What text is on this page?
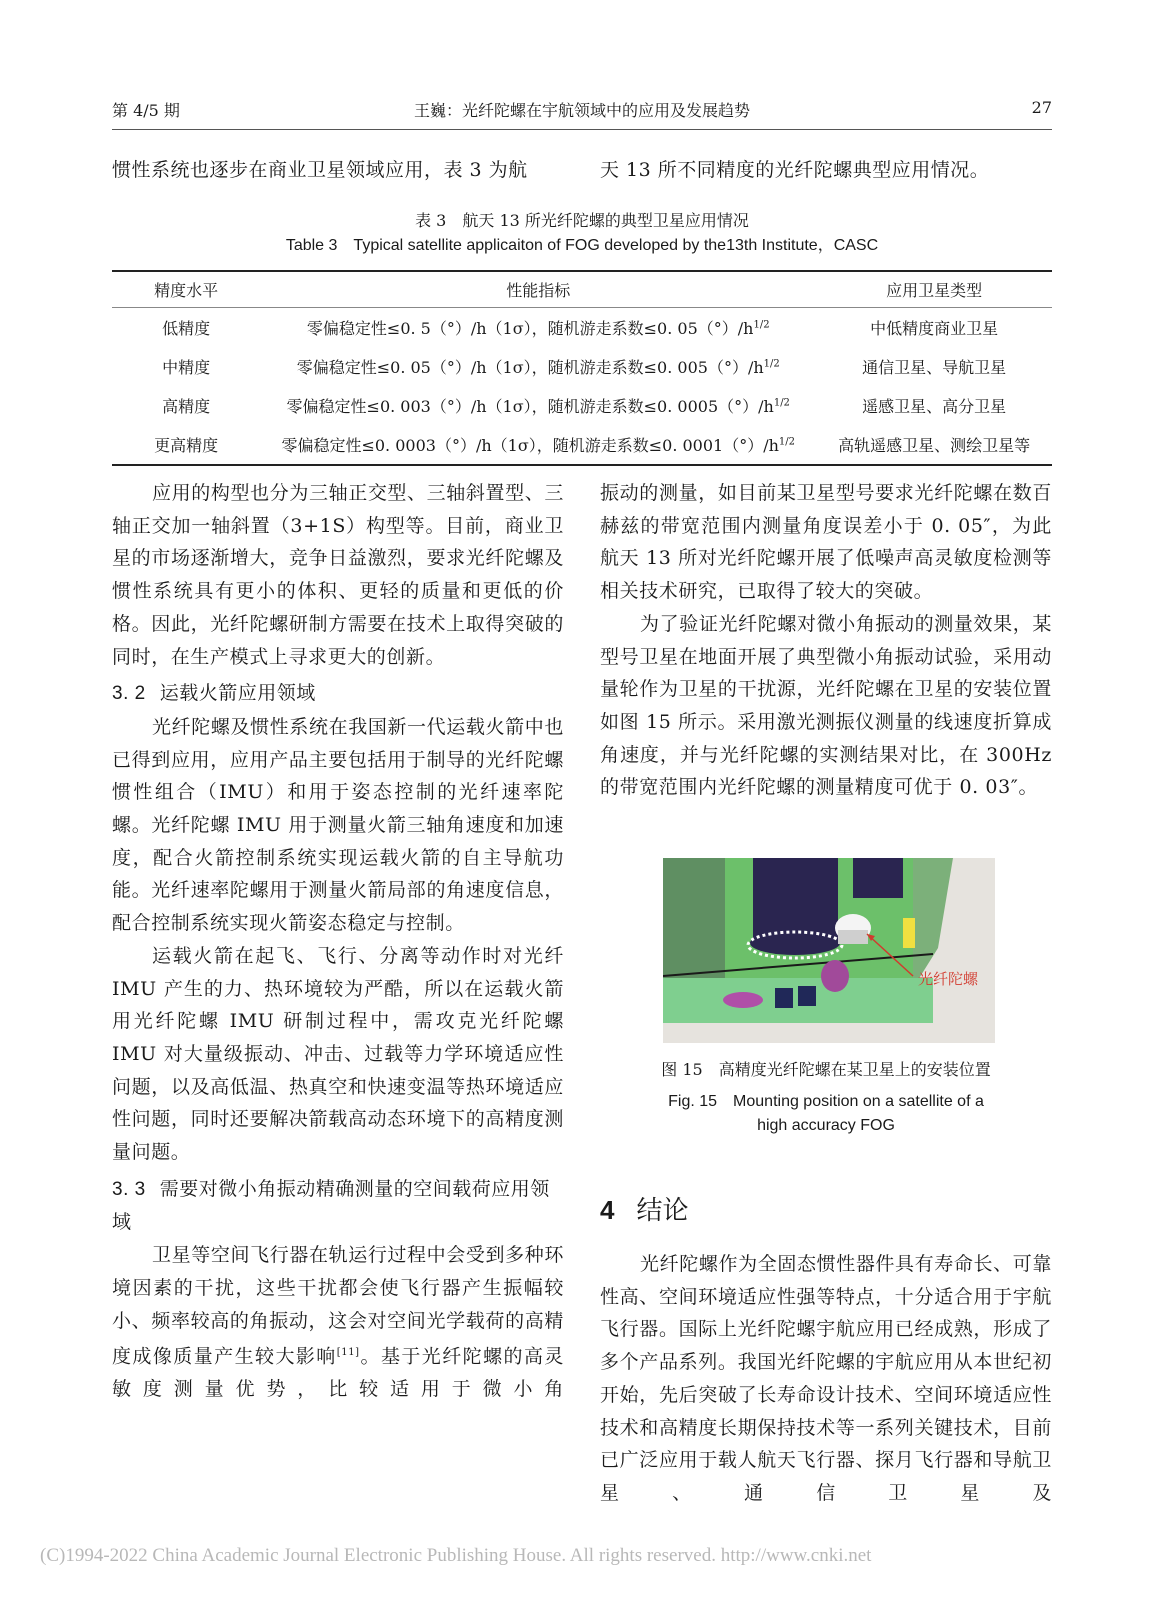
第 4/5 期	王巍：光纤陀螺在宇航领域中的应用及发展趋势	27
惯性系统也逐步在商业卫星领域应用，表 3 为航	天 13 所不同精度的光纤陀螺典型应用情况。
表 3　航天 13 所光纤陀螺的典型卫星应用情况
Table 3　Typical satellite applicaiton of FOG developed by the13th Institute，CASC
精度水平	性能指标	应用卫星类型
低精度	零偏稳定性≤0. 5（°）/h（1σ），随机游走系数≤0. $05(^\circ)/h^{1/2}$	中低精度商业卫星
中精度	零偏稳定性≤0. 05（°）/h（1σ），随机游走系数≤0. $005(^\circ)/h^{1/2}$	通信卫星、导航卫星
高精度	零偏稳定性≤0. 003（°）/h（1σ），随机游走系数≤0. $0005(^\circ)/h^{1/2}$	遥感卫星、高分卫星
更高精度	零偏稳定性≤0. 0003（°）/h（1σ），随机游走系数≤0. $0001(^\circ)/h^{1/2}$	高轨遥感卫星、测绘卫星等

应用的构型也分为三轴正交型、三轴斜置型、三轴正交加一轴斜置（3+1S）构型等。目前，商业卫星的市场逐渐增大，竞争日益激烈，要求光纤陀螺及惯性系统具有更小的体积、更轻的质量和更低的价格。因此，光纤陀螺研制方需要在技术上取得突破的同时，在生产模式上寻求更大的创新。

3. 2 运载火箭应用领域

光纤陀螺及惯性系统在我国新一代运载火箭中也已得到应用，应用产品主要包括用于制导的光纤陀螺惯性组合（IMU）和用于姿态控制的光纤速率陀螺。光纤陀螺 IMU 用于测量火箭三轴角速度和加速度，配合火箭控制系统实现运载火箭的自主导航功能。光纤速率陀螺用于测量火箭局部的角速度信息，配合控制系统实现火箭姿态稳定与控制。

运载火箭在起飞、飞行、分离等动作时对光纤 IMU 产生的力、热环境较为严酷，所以在运载火箭用光纤陀螺 IMU 研制过程中，需攻克光纤陀螺 IMU 对大量级振动、冲击、过载等力学环境适应性问题，以及高低温、热真空和快速变温等热环境适应性问题，同时还要解决箭载高动态环境下的高精度测量问题。

3. 3 需要对微小角振动精确测量的空间载荷应用领域

卫星等空间飞行器在轨运行过程中会受到多种环境因素的干扰，这些干扰都会使飞行器产生振幅较小、频率较高的角振动，这会对空间光学载荷的高精度成像质量产生较大影响[11]。基于光纤陀螺的高灵敏度测量优势，比较适用于微小角

振动的测量，如目前某卫星型号要求光纤陀螺在数百赫兹的带宽范围内测量角度误差小于 0. 05″，为此航天 13 所对光纤陀螺开展了低噪声高灵敏度检测等相关技术研究，已取得了较大的突破。

为了验证光纤陀螺对微小角振动的测量效果，某型号卫星在地面开展了典型微小角振动试验，采用动量轮作为卫星的干扰源，光纤陀螺在卫星的安装位置如图 15 所示。采用激光测振仪测量的线速度折算成角速度，并与光纤陀螺的实测结果对比，在 300Hz 的带宽范围内光纤陀螺的测量精度可优于 0. 03″。

光纤陀螺
图 15　高精度光纤陀螺在某卫星上的安装位置
Fig. 15　Mounting position on a satellite of a
high accuracy FOG
4 结论

光纤陀螺作为全固态惯性器件具有寿命长、可靠性高、空间环境适应性强等特点，十分适合用于宇航飞行器。国际上光纤陀螺宇航应用已经成熟，形成了多个产品系列。我国光纤陀螺的宇航应用从本世纪初开始，先后突破了长寿命设计技术、空间环境适应性技术和高精度长期保持技术等一系列关键技术，目前已广泛应用于载人航天飞行器、探月飞行器和导航卫星、通信卫星及

(C)1994-2022 China Academic Journal Electronic Publishing House. All rights reserved. http://www.cnki.net
